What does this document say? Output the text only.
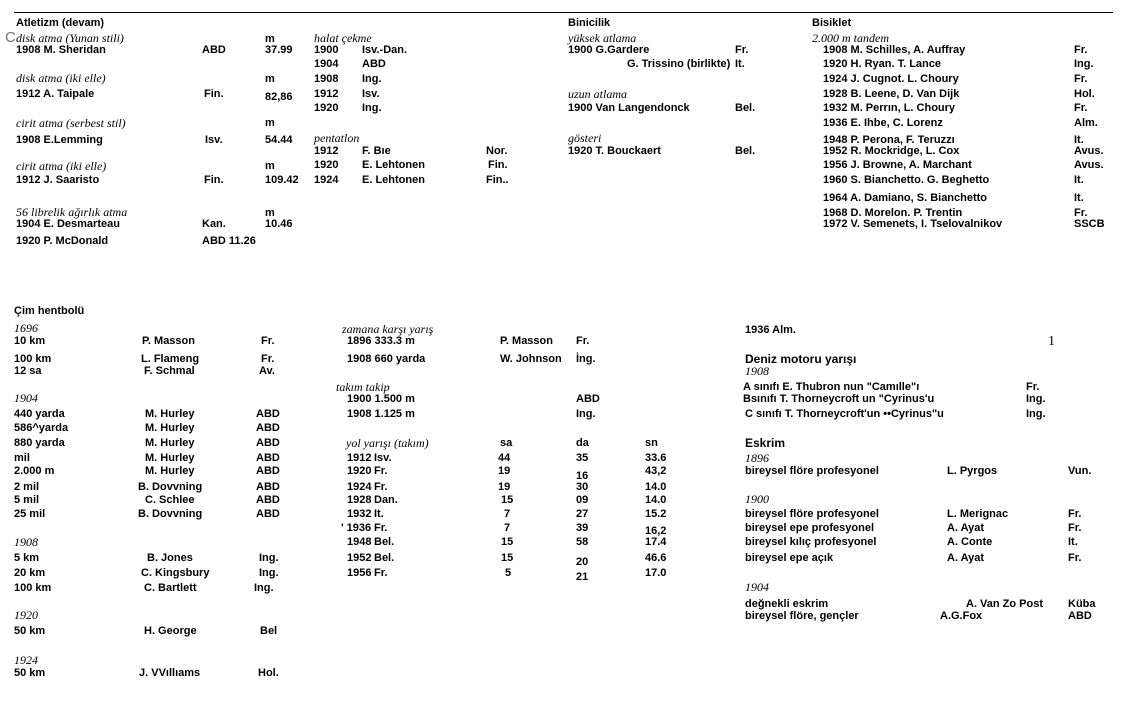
Atletizm (devam)	Binicilik	Bisiklet
C disk atma (Yunan stili)	m
1908 M. Sheridan	ABD	37.99
disk atma (iki elle)	m
1912 A. Taipale	Fin.	82,86
cirit atma (serbest stil)	m
1908 E.Lemming	Isv.	54.44
cirit atma (iki elle)	m
1912 J. Saaristo	Fin.	109.42
56 librelik ağırlık atma	m
1904 E. Desmarteau	Kan.	10.46
1920 P. McDonald	ABD 11.26
halat çekme
1900 Isv.-Dan.
1904 ABD
1908 Ing.
1912 Isv.
1920 Ing.
pentatlon
1912 F. Bıe	Nor.
1920 E. Lehtonen	Fin.
1924 E. Lehtonen	Fin..
yüksek atlama
1900 G.Gardere	Fr.
G. Trissino (birlikte) It.
uzun atlama
1900 Van Langendonck	Bel.
gösteri
1920 T. Bouckaert	Bel.
2.000 m tandem
1908 M. Schilles, A. Auffray	Fr.
1920 H. Ryan. T. Lance	Ing.
1924 J. Cugnot. L. Choury	Fr.
1928 B. Leene, D. Van Dijk	Hol.
1932 M. Perrın, L. Choury	Fr.
1936 E. Ihbe, C. Lorenz	Alm.
1948 P. Perona, F. Teruzzı	It.
1952 R. Mockridge, L. Cox	Avus.
1956 J. Browne, A. Marchant	Avus.
1960 S. Bianchetto. G. Beghetto	It.
1964 A. Damiano, S. Bianchetto	It.
1968 D. Morelon. P. Trentin	Fr.
1972 V. Semenets, I. Tselovalnikov	SSCB
Çim hentbolü
1696
10 km	P. Masson	Fr.
100 km	L. Flameng	Fr.
12 sa	F. Schmal	Av.
1904
440 yarda	M. Hurley	ABD
586^yarda	M. Hurley	ABD
880 yarda	M. Hurley	ABD
mil	M. Hurley	ABD
2.000 m	M. Hurley	ABD
2 mil	B. Dovvning	ABD
5 mil	C. Schlee	ABD
25 mil	B. Dovvning	ABD
1908
5 km	B. Jones	Ing.
20 km	C. Kingsbury	Ing.
100 km	C. Bartlett	Ing.
1920
50 km	H. George	Bel
1924
50 km	J. VVıllıams	Hol.
zamana karşı yarış
1896 333.3 m	P. Masson Fr.
1908 660 yarda	W. Johnson İng.
takım takip
1900 1.500 m	ABD
1908 1.125 m	Ing.
yol yarışı (takım)	sa	da	sn
1912 Isv.	44	35	33.6
1920 Fr.	19	16	43,2
1924 Fr.	19	30	14.0
1928 Dan.	15	09	14.0
1932 It.	7	27	15.2
' 1936 Fr.	7	39	16,2
1948 Bel.	15	58	17.4
1952 Bel.	15	20	46.6
1956 Fr.	5	21	17.0
1936 Alm.
1
Deniz motoru yarışı
1908
A sınıfı E. Thubron nun "Camılle"ı	Fr.
Bsınıfı T. Thorneycroft un "Cyrinus'u	Ing.
C sınıfı T. Thorneycroft'un ••Cyrinus"u	Ing.
Eskrim
1896
bireysel flöre profesyonel	L. Pyrgos	Vun.
1900
bireysel flöre profesyonel	L. Merignac	Fr.
bireysel epe profesyonel	A. Ayat	Fr.
bireysel kılıç profesyonel	A. Conte	It.
bireysel epe açık	A. Ayat	Fr.
1904
değnekli eskrim	A. Van Zo Post Küba
bireysel flöre, gençler	A.G.Fox	ABD
